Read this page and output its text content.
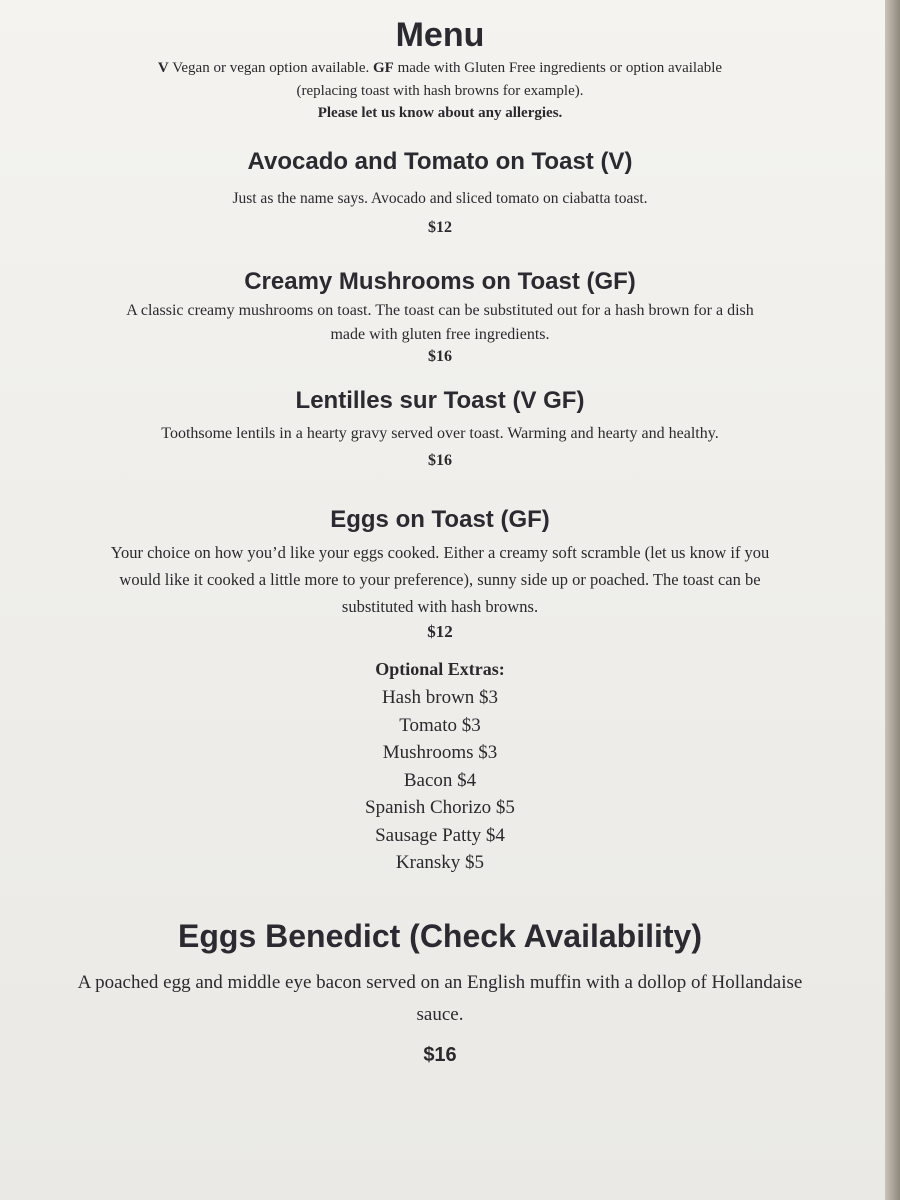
Menu
V Vegan or vegan option available. GF made with Gluten Free ingredients or option available
(replacing toast with hash browns for example).
Please let us know about any allergies.
Avocado and Tomato on Toast (V)
Just as the name says. Avocado and sliced tomato on ciabatta toast.
$12
Creamy Mushrooms on Toast (GF)
A classic creamy mushrooms on toast. The toast can be substituted out for a hash brown for a dish
made with gluten free ingredients.
$16
Lentilles sur Toast (V GF)
Toothsome lentils in a hearty gravy served over toast. Warming and hearty and healthy.
$16
Eggs on Toast (GF)
Your choice on how you’d like your eggs cooked. Either a creamy soft scramble (let us know if you
would like it cooked a little more to your preference), sunny side up or poached. The toast can be
substituted with hash browns.
$12
Optional Extras:
Hash brown $3
Tomato $3
Mushrooms $3
Bacon $4
Spanish Chorizo $5
Sausage Patty $4
Kransky $5
Eggs Benedict (Check Availability)
A poached egg and middle eye bacon served on an English muffin with a dollop of Hollandaise
sauce.
$16
